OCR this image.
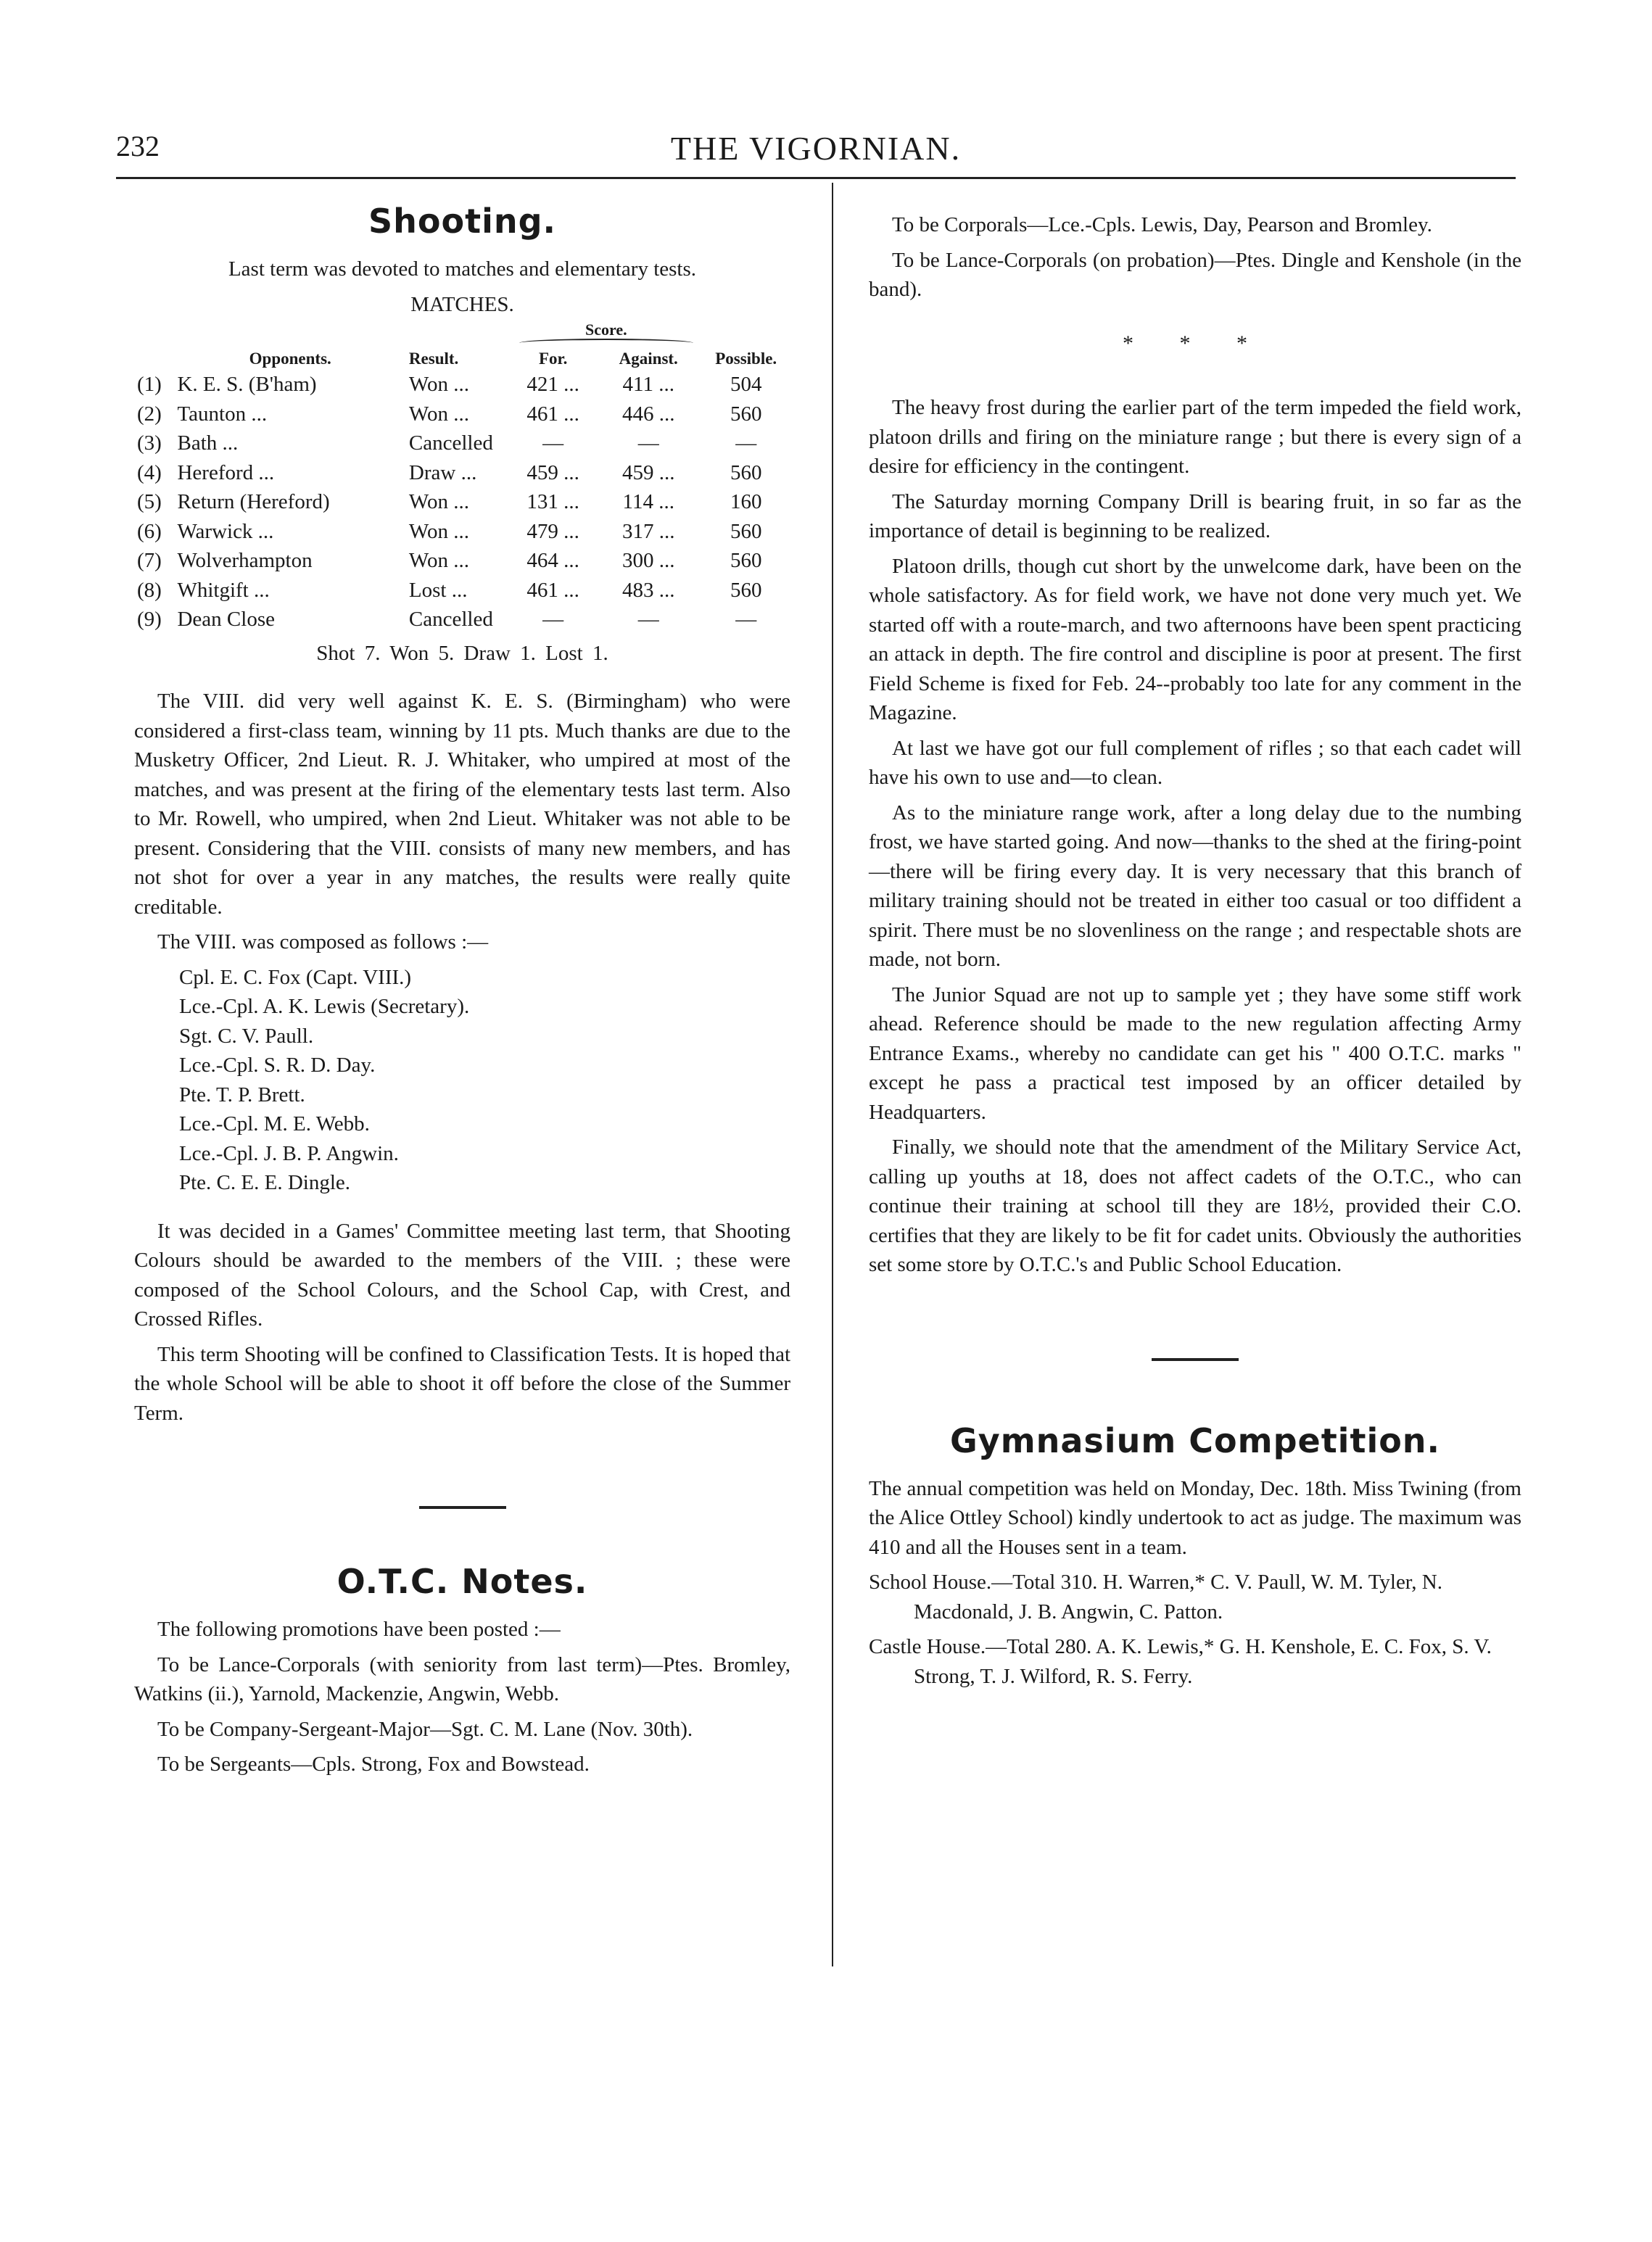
232	THE VIGORNIAN.
Shooting.
Last term was devoted to matches and elementary tests.
MATCHES.
			Score.		

	Opponents.	Result.	For.	Against.	Possible.
(1)	K. E. S. (B'ham)	Won ...	421 ...	411 ...	504
(2)	Taunton ...	Won ...	461 ...	446 ...	560
(3)	Bath ...	Cancelled	—	—	—
(4)	Hereford ...	Draw ...	459 ...	459 ...	560
(5)	Return (Hereford)	Won ...	131 ...	114 ...	160
(6)	Warwick ...	Won ...	479 ...	317 ...	560
(7)	Wolverhampton	Won ...	464 ...	300 ...	560
(8)	Whitgift ...	Lost ...	461 ...	483 ...	560
(9)	Dean Close	Cancelled	—	—	—
Shot 7. Won 5. Draw 1. Lost 1.

The VIII. did very well against K. E. S. (Birmingham) who were considered a first-class team, winning by 11 pts. Much thanks are due to the Musketry Officer, 2nd Lieut. R. J. Whitaker, who umpired at most of the matches, and was present at the firing of the elementary tests last term. Also to Mr. Rowell, who umpired, when 2nd Lieut. Whitaker was not able to be present. Considering that the VIII. consists of many new members, and has not shot for over a year in any matches, the results were really quite creditable.

The VIII. was composed as follows :—

Cpl. E. C. Fox (Capt. VIII.)
Lce.-Cpl. A. K. Lewis (Secretary).
Sgt. C. V. Paull.
Lce.-Cpl. S. R. D. Day.
Pte. T. P. Brett.
Lce.-Cpl. M. E. Webb.
Lce.-Cpl. J. B. P. Angwin.
Pte. C. E. E. Dingle.

It was decided in a Games' Committee meeting last term, that Shooting Colours should be awarded to the members of the VIII. ; these were composed of the School Colours, and the School Cap, with Crest, and Crossed Rifles.

This term Shooting will be confined to Classification Tests. It is hoped that the whole School will be able to shoot it off before the close of the Summer Term.

O.T.C. Notes.

The following promotions have been posted :—

To be Lance-Corporals (with seniority from last term)—Ptes. Bromley, Watkins (ii.), Yarnold, Mackenzie, Angwin, Webb.

To be Company-Sergeant-Major—Sgt. C. M. Lane (Nov. 30th).

To be Sergeants—Cpls. Strong, Fox and Bowstead.

To be Corporals—Lce.-Cpls. Lewis, Day, Pearson and Bromley.

To be Lance-Corporals (on probation)—Ptes. Dingle and Kenshole (in the band).

* * *

The heavy frost during the earlier part of the term impeded the field work, platoon drills and firing on the miniature range ; but there is every sign of a desire for efficiency in the contingent.

The Saturday morning Company Drill is bearing fruit, in so far as the importance of detail is beginning to be realized.

Platoon drills, though cut short by the unwelcome dark, have been on the whole satisfactory. As for field work, we have not done very much yet. We started off with a route-march, and two afternoons have been spent practicing an attack in depth. The fire control and discipline is poor at present. The first Field Scheme is fixed for Feb. 24--probably too late for any comment in the Magazine.

At last we have got our full complement of rifles ; so that each cadet will have his own to use and—to clean.

As to the miniature range work, after a long delay due to the numbing frost, we have started going. And now—thanks to the shed at the firing-point—there will be firing every day. It is very necessary that this branch of military training should not be treated in either too casual or too diffident a spirit. There must be no slovenliness on the range ; and respectable shots are made, not born.

The Junior Squad are not up to sample yet ; they have some stiff work ahead. Reference should be made to the new regulation affecting Army Entrance Exams., whereby no candidate can get his " 400 O.T.C. marks " except he pass a practical test imposed by an officer detailed by Headquarters.

Finally, we should note that the amendment of the Military Service Act, calling up youths at 18, does not affect cadets of the O.T.C., who can continue their training at school till they are 18½, provided their C.O. certifies that they are likely to be fit for cadet units. Obviously the authorities set some store by O.T.C.'s and Public School Education.

Gymnasium Competition.

The annual competition was held on Monday, Dec. 18th. Miss Twining (from the Alice Ottley School) kindly undertook to act as judge. The maximum was 410 and all the Houses sent in a team.

School House.—Total 310. H. Warren,* C. V. Paull, W. M. Tyler, N. Macdonald, J. B. Angwin, C. Patton.

Castle House.—Total 280. A. K. Lewis,* G. H. Kenshole, E. C. Fox, S. V. Strong, T. J. Wilford, R. S. Ferry.
